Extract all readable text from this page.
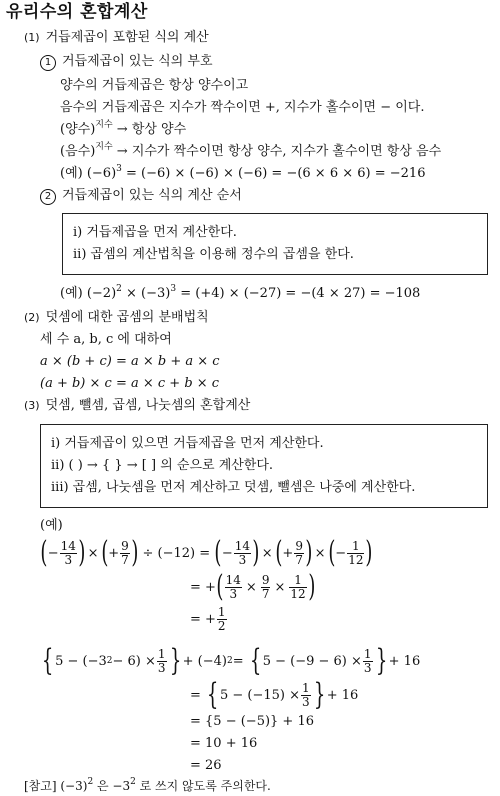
유리수의 혼합계산
(1) 거듭제곱이 포함된 식의 계산
1 거듭제곱이 있는 식의 부호
양수의 거듭제곱은 항상 양수이고
음수의 거듭제곱은 지수가 짝수이면 +, 지수가 홀수이면 − 이다.
(양수)$^{지수}$ → 항상 양수
(음수)$^{지수}$ → 지수가 짝수이면 항상 양수, 지수가 홀수이면 항상 음수
(예) $(-6)^3 = (-6) \times (-6) \times (-6) = -(6 \times 6 \times 6) = -216$
2 거듭제곱이 있는 식의 계산 순서
i) 거듭제곱을 먼저 계산한다.
ii) 곱셈의 계산법칙을 이용해 정수의 곱셈을 한다.
(예) $(-2)^2 \times (-3)^3 = (+4) \times (-27) = -(4 \times 27) = -108$
(2) 덧셈에 대한 곱셈의 분배법칙
세 수 a, b, c 에 대하여
a × (b + c) = a × b + a × c
(a + b) × c = a × c + b × c
(3) 덧셈, 뺄셈, 곱셈, 나눗셈의 혼합계산
i) 거듭제곱이 있으면 거듭제곱을 먼저 계산한다.
ii) ( ) → { } → [ ] 의 순으로 계산한다.
iii) 곱셈, 나눗셈을 먼저 계산하고 덧셈, 뺄셈은 나중에 계산한다.
(예)
( − $\frac{14}{3}$ ) × ( + $\frac{9}{7}$ ) ÷ (−12) = ( − $\frac{14}{3}$ ) × ( + $\frac{9}{7}$ ) × ( − $\frac{1}{12}$ )
= + ( $\frac{14}{3} \times \frac{9}{7} \times \frac{1}{12}$ )
= + $\frac{1}{2}$
{ 5 − (−3 $2 - 6) \times \frac{1}{3}$ } + (−4) 2 = { $5 - (-9 - 6) \times \frac{1}{3}$ } + 16
= { $5 - (-15) \times \frac{1}{3}$ } + 16
= {5 − (−5)} + 16
= 10 + 16
= 26
[참고] $(-3)^2$ 은 $-3^2$ 로 쓰지 않도록 주의한다.
